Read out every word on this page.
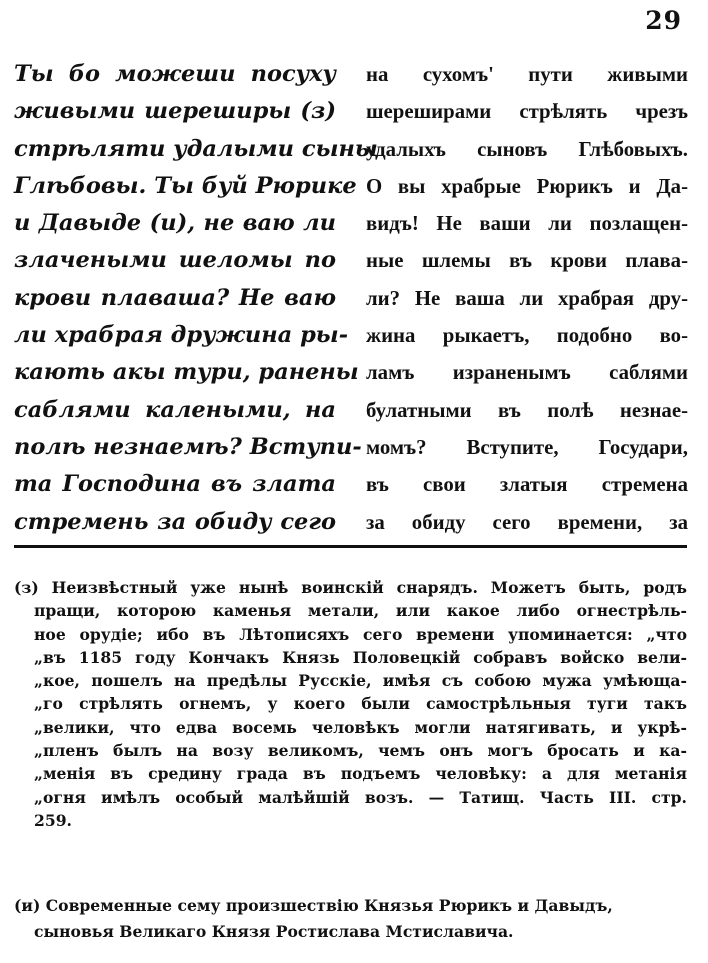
29
Ты бо можеши посуху
живыми шереширы (з)
стрѣляти удалыми сыны
Глѣбовы. Ты буй Рюрике
и Давыде (и), не ваю ли
злачеными шеломы по
крови плаваша? Не ваю
ли храбрая дружина ры-
кають акы тури, ранены
саблями калеными, на
полѣ незнаемѣ? Вступи-
та Господина въ злата
стремень за обиду сего
на сухомъ' пути живыми
шереширами стрѣлять чрезъ
удалыхъ сыновъ Глѣбовыхъ.
О вы храбрые Рюрикъ и Да-
видъ! Не ваши ли позлащен-
ные шлемы въ крови плава-
ли? Не ваша ли храбрая дру-
жина рыкаетъ, подобно во-
ламъ израненымъ саблями
булатными въ полѣ незнае-
момъ? Вступите, Государи,
въ свои златыя стремена
за обиду сего времени, за
(з) Неизвѣстный уже нынѣ воинскій снарядъ. Можетъ быть, родъ
пращи, которою каменья метали, или какое либо огнестрѣль-
ное орудіе; ибо въ Лѣтописяхъ сего времени упоминается: „что
„въ 1185 году Кончакъ Князь Половецкій собравъ войско вели-
„кое, пошелъ на предѣлы Русскіе, имѣя съ собою мужа умѣюща-
„го стрѣлять огнемъ, у коего были самострѣльныя туги такъ
„велики, что едва восемь человѣкъ могли натягивать, и укрѣ-
„пленъ былъ на возу великомъ, чемъ онъ могъ бросать и ка-
„менія въ средину града въ подъемъ человѣку: а для метанія
„огня имѣлъ особый малѣйшій возъ. — Татищ. Часть III. стр.
259.
(и) Современные сему произшествію Князья Рюрикъ и Давыдъ,
сыновья Великаго Князя Ростислава Мстиславича.
